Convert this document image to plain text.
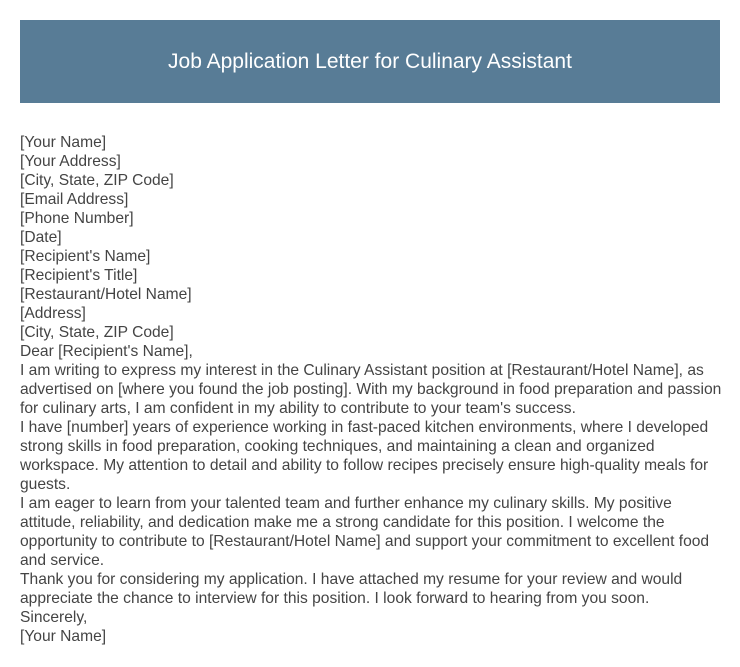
Job Application Letter for Culinary Assistant

[Your Name]

[Your Address]

[City, State, ZIP Code]

[Email Address]

[Phone Number]

[Date]

[Recipient's Name]

[Recipient's Title]

[Restaurant/Hotel Name]

[Address]

[City, State, ZIP Code]

Dear [Recipient's Name],

I am writing to express my interest in the Culinary Assistant position at [Restaurant/Hotel Name], as advertised on [where you found the job posting]. With my background in food preparation and passion for culinary arts, I am confident in my ability to contribute to your team's success.

I have [number] years of experience working in fast-paced kitchen environments, where I developed strong skills in food preparation, cooking techniques, and maintaining a clean and organized workspace. My attention to detail and ability to follow recipes precisely ensure high-quality meals for guests.

I am eager to learn from your talented team and further enhance my culinary skills. My positive attitude, reliability, and dedication make me a strong candidate for this position. I welcome the opportunity to contribute to [Restaurant/Hotel Name] and support your commitment to excellent food and service.

Thank you for considering my application. I have attached my resume for your review and would appreciate the chance to interview for this position. I look forward to hearing from you soon.

Sincerely,

[Your Name]
